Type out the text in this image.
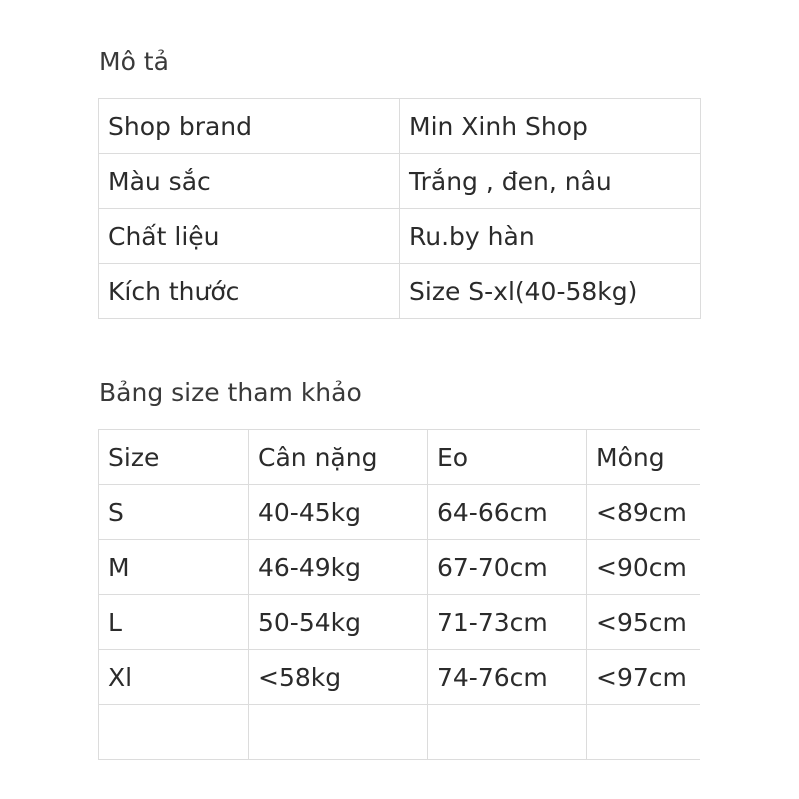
Mô tả
Shop brand	Min Xinh Shop
Màu sắc	Trắng , đen, nâu
Chất liệu	Ru.by hàn
Kích thước	Size S-xl(40-58kg)
Bảng size tham khảo
Size	Cân nặng	Eo	Mông
S	40-45kg	64-66cm	<89cm
M	46-49kg	67-70cm	<90cm
L	50-54kg	71-73cm	<95cm
Xl	<58kg	74-76cm	<97cm
